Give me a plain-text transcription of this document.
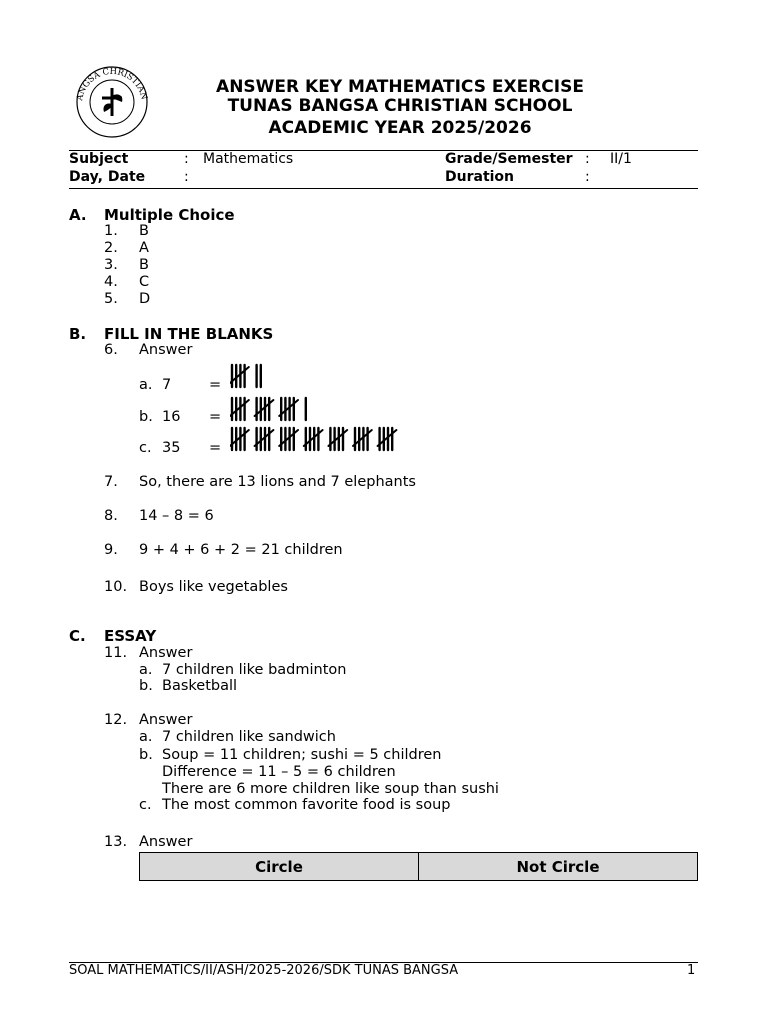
ANGSA CHRISTIAN	ANSWER KEY MATHEMATICS EXERCISE
TUNAS BANGSA CHRISTIAN SCHOOL
ACADEMIC YEAR 2025/2026
Subject	: Mathematics	Grade/Semester : II/1
Day, Date	:	Duration	:
A. Multiple Choice
1. B
2. A
3. B
4. C
5. D
B. FILL IN THE BLANKS
6. Answer
a. 7	=
b. 16 =
c. 35 =
7. So, there are 13 lions and 7 elephants
8. 14 – 8 = 6
9. 9 + 4 + 6 + 2 = 21 children
10. Boys like vegetables
C. ESSAY
11. Answer
a. 7 children like badminton
b. Basketball
12. Answer
a. 7 children like sandwich
b. Soup = 11 children; sushi = 5 children
Difference = 11 – 5 = 6 children
There are 6 more children like soup than sushi
c. The most common favorite food is soup
13. Answer
Circle	Not Circle
SOAL MATHEMATICS/II/ASH/2025-2026/SDK TUNAS BANGSA	1
